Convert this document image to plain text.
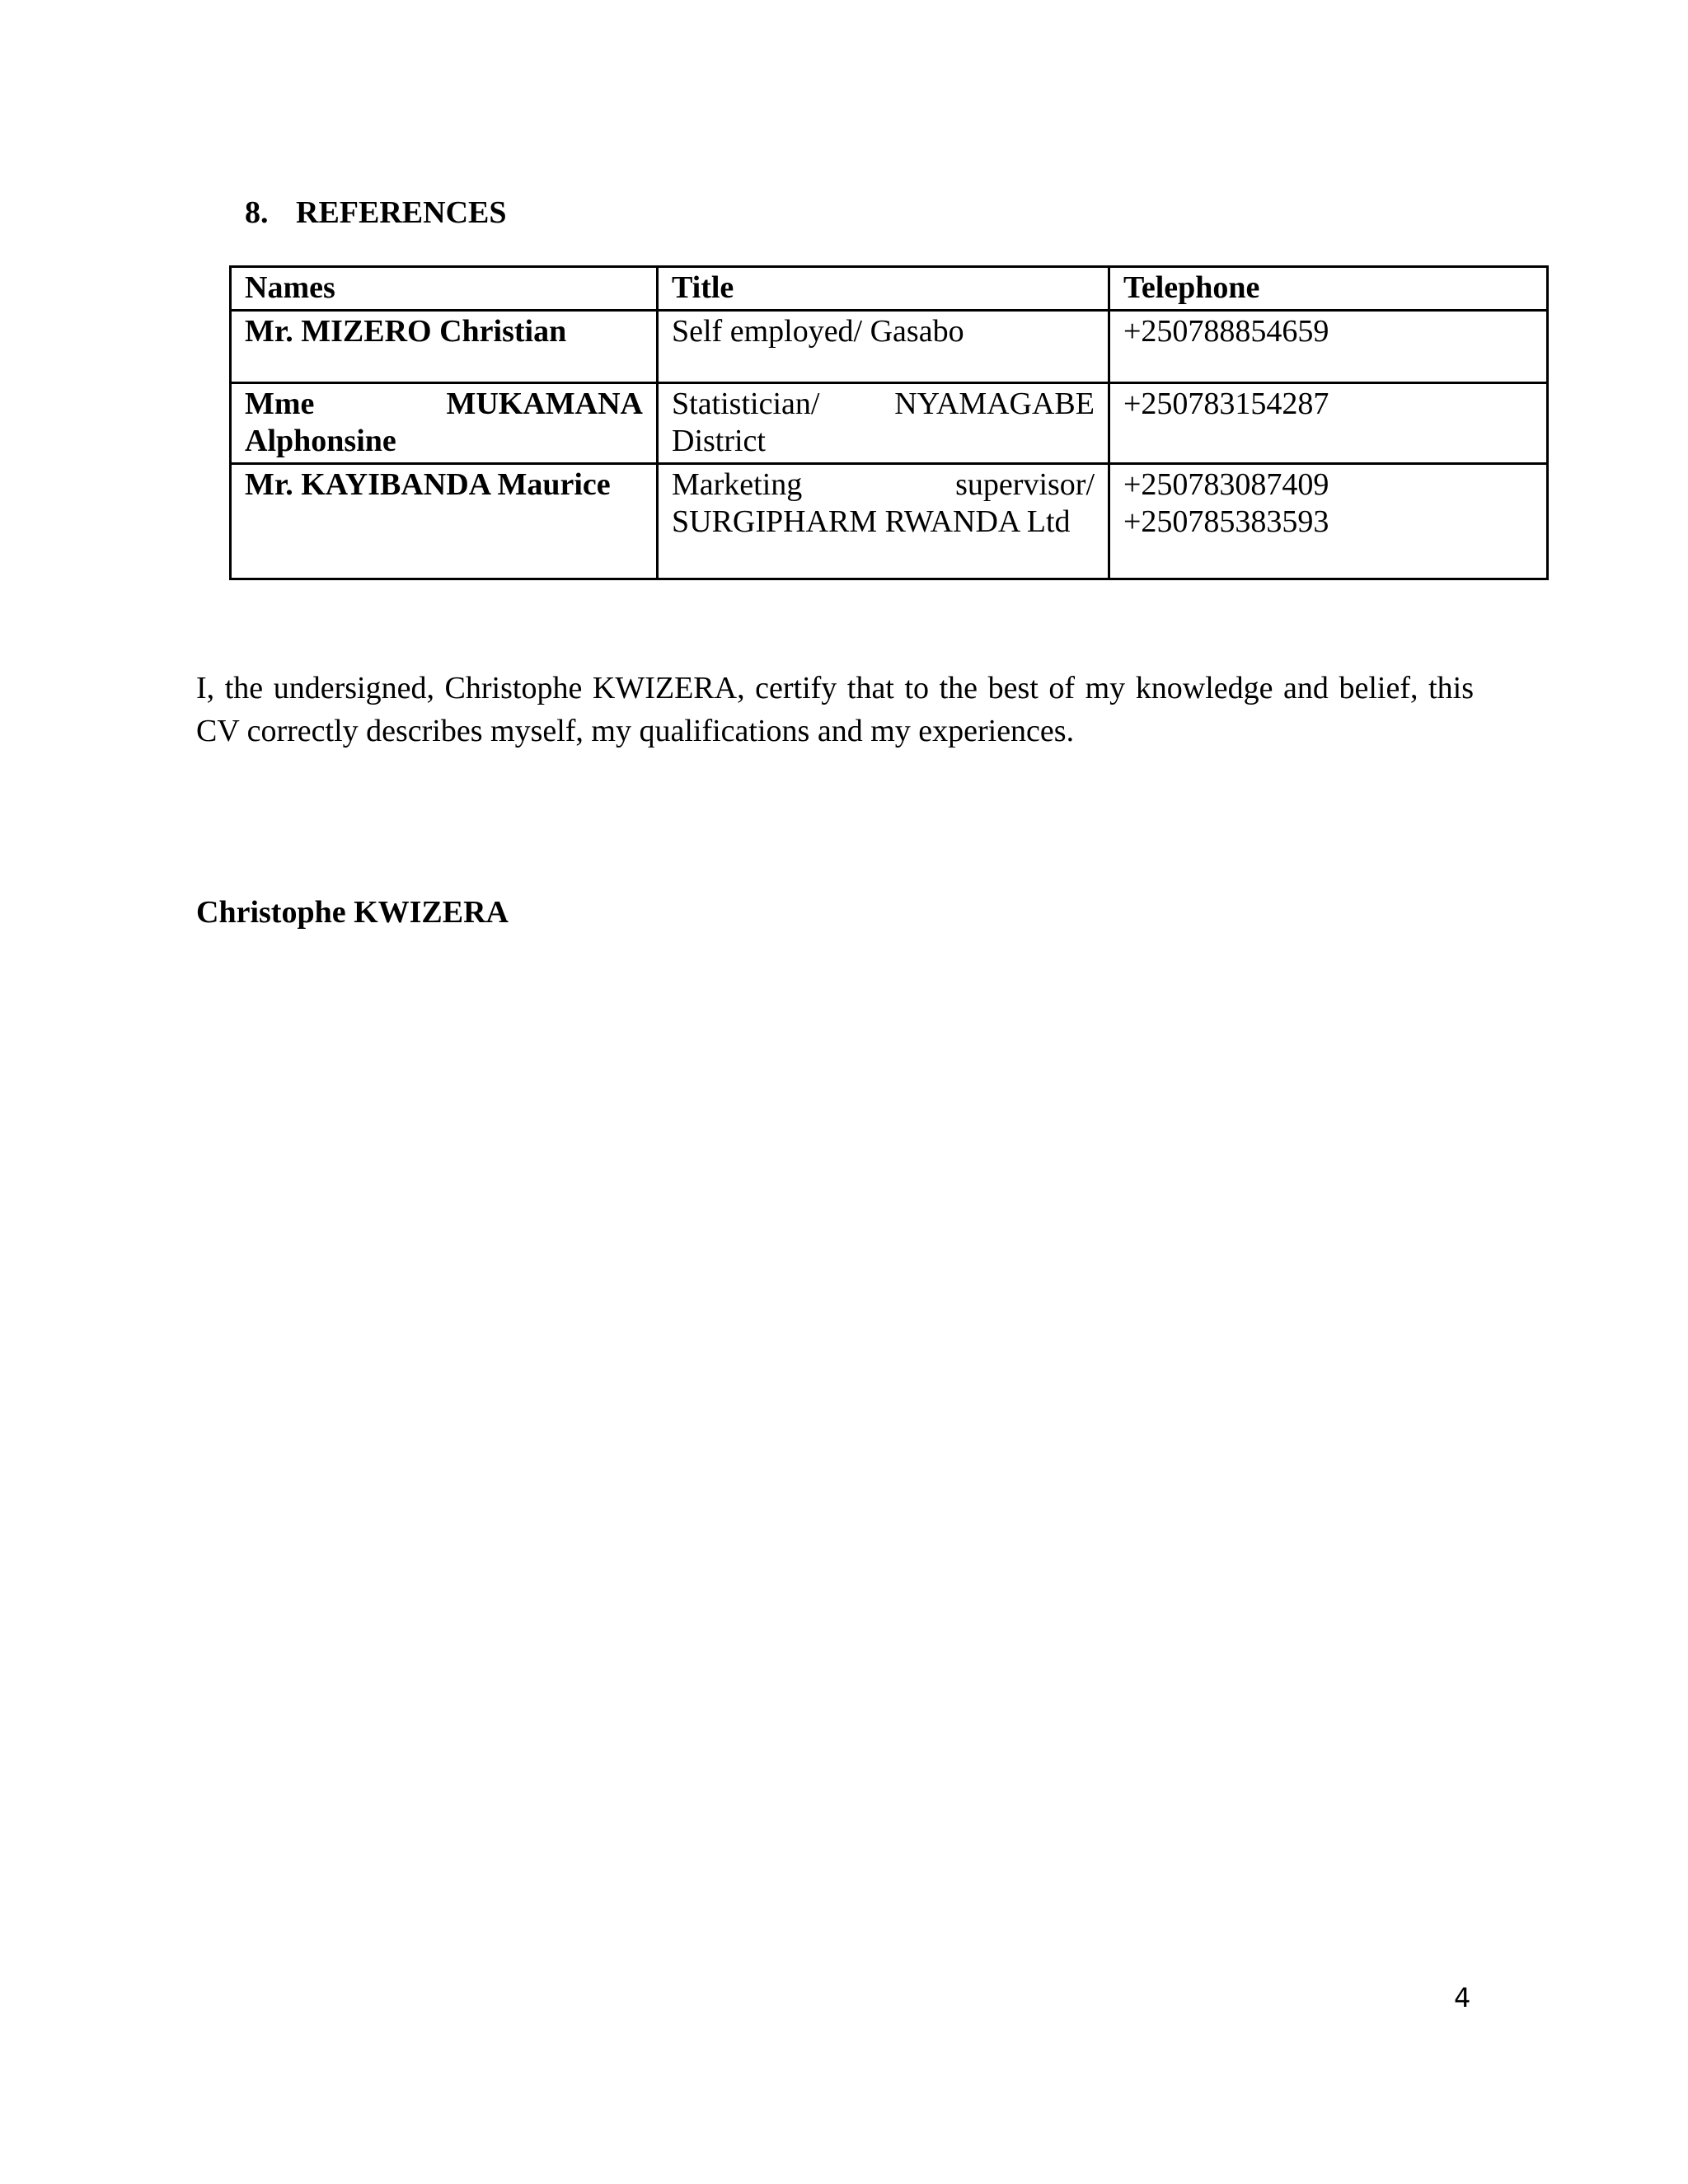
8. REFERENCES
Names	Title	Telephone
Mr. MIZERO Christian	Self employed/ Gasabo	+250788854659

Mme MUKAMANA Alphonsine	Statistician/ NYAMAGABE District	+250783154287

Mr. KAYIBANDA Maurice	Marketing supervisor/ SURGIPHARM RWANDA Ltd	+250783087409
+250785383593

I, the undersigned, Christophe KWIZERA, certify that to the best of my knowledge and belief, this CV correctly describes myself, my qualifications and my experiences.

Christophe KWIZERA
4
